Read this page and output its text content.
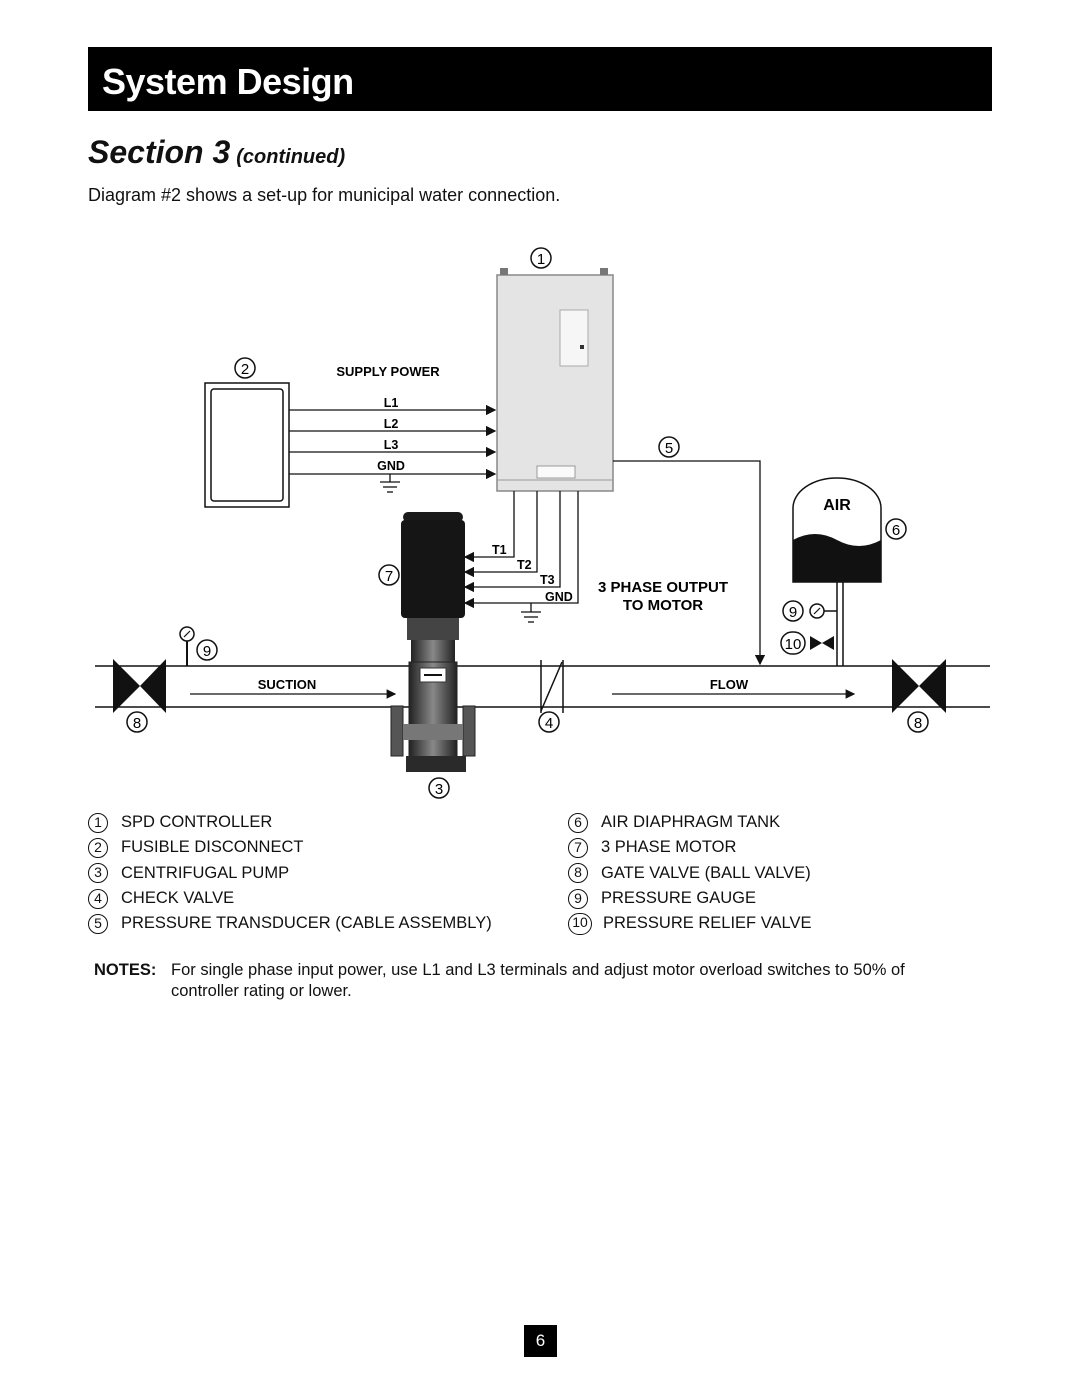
System Design
Section 3 (continued)
Diagram #2 shows a set-up for municipal water connection.
1
2	SUPPLY POWER
L1
L2
L3
GND
T1
T2
T3
GND
3 PHASE OUTPUT
TO MOTOR
5
8	8
9
SUCTION	FLOW
4
7
3
AIR
6
9
10
1	SPD CONTROLLER
2	FUSIBLE DISCONNECT
3	CENTRIFUGAL PUMP
4	CHECK VALVE
5	PRESSURE TRANSDUCER (CABLE ASSEMBLY)
6	AIR DIAPHRAGM TANK
7	3 PHASE MOTOR
8	GATE VALVE (BALL VALVE)
9	PRESSURE GAUGE
10 PRESSURE RELIEF VALVE
NOTES: For single phase input power, use L1 and L3 terminals and adjust motor overload switches to 50% of controller rating or lower.
6
